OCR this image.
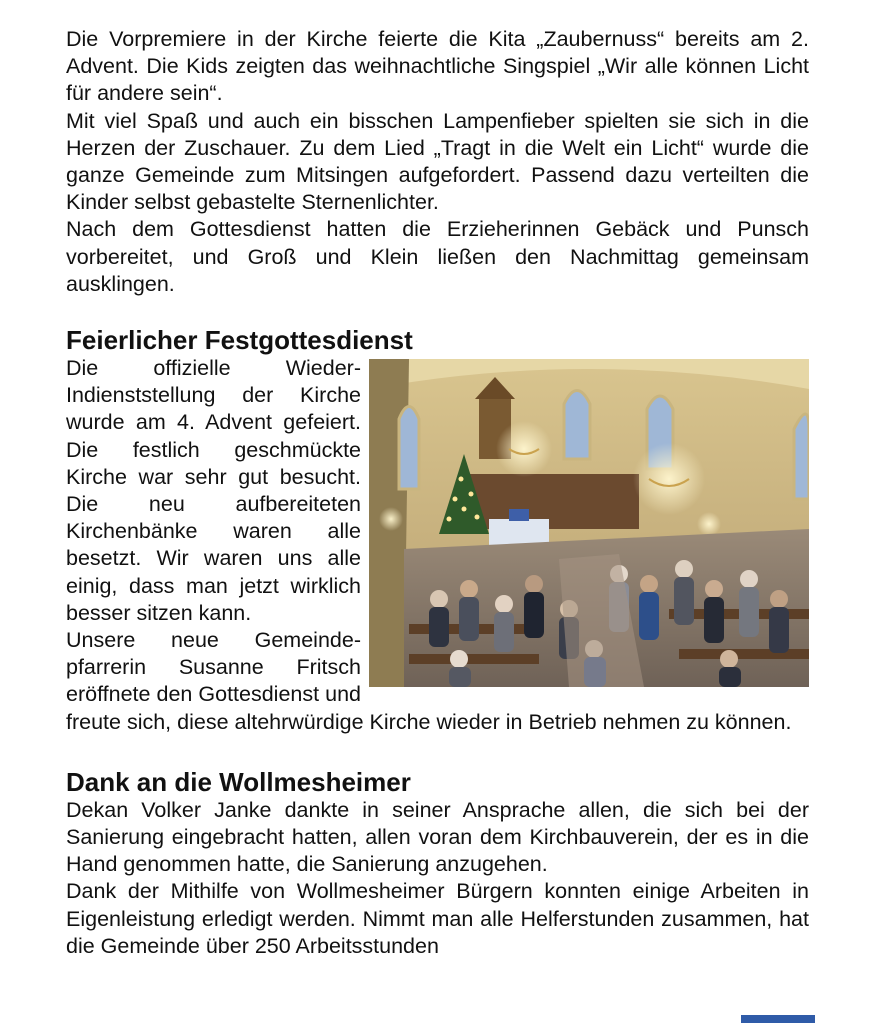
Die Vorpremiere in der Kirche feierte die Kita „Zaubernuss“ bereits am 2. Advent. Die Kids zeigten das weihnachtliche Singspiel „Wir alle können Licht für andere sein“.

Mit viel Spaß und auch ein bisschen Lampenfieber spielten sie sich in die Herzen der Zuschauer. Zu dem Lied „Tragt in die Welt ein Licht“ wurde die ganze Gemeinde zum Mitsingen aufgefordert. Passend dazu verteilten die Kinder selbst gebastelte Sternenlichter.

Nach dem Gottesdienst hatten die Erzieherinnen Gebäck und Punsch vorbereitet, und Groß und Klein ließen den Nachmittag gemeinsam ausklingen.

Feierlicher Festgottesdienst

Die offizielle Wieder-Indienststellung der Kirche wurde am 4. Advent gefeiert. Die festlich geschmückte Kirche war sehr gut besucht. Die neu aufbereiteten Kirchenbänke waren alle besetzt. Wir waren uns alle einig, dass man jetzt wirklich besser sitzen kann.

Unsere neue Gemeindepfarrerin Susanne Fritsch eröffnete den Gottesdienst und freute sich, diese altehrwürdige Kirche wieder in Betrieb nehmen zu können.

Dank an die Wollmesheimer

Dekan Volker Janke dankte in seiner Ansprache allen, die sich bei der Sanierung eingebracht hatten, allen voran dem Kirchbauverein, der es in die Hand genommen hatte, die Sanierung anzugehen.

Dank der Mithilfe von Wollmesheimer Bürgern konnten einige Arbeiten in Eigenleistung erledigt werden. Nimmt man alle Helferstunden zusammen, hat die Gemeinde über 250 Arbeitsstunden
